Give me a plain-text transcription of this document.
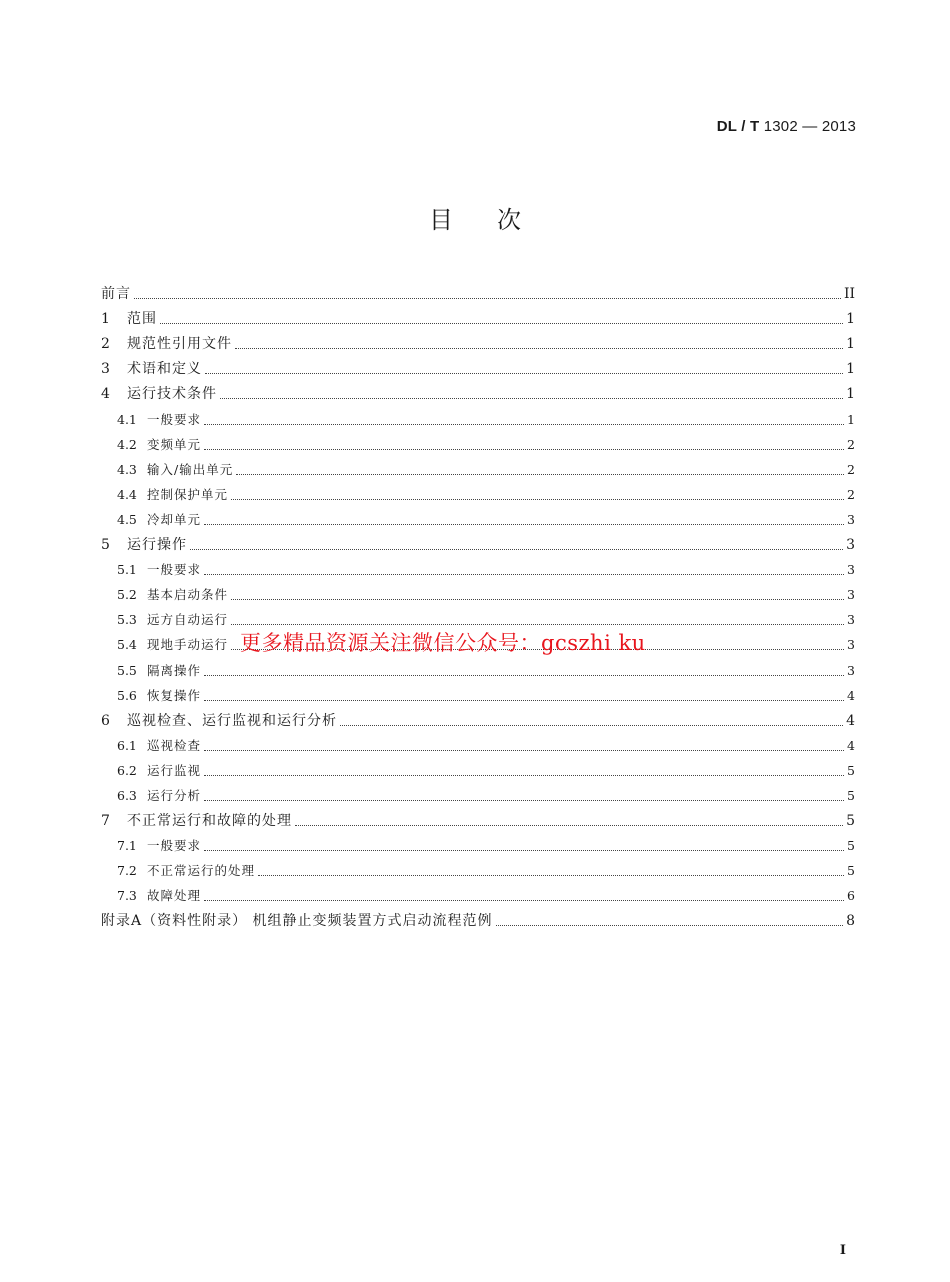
DL / T 1302 — 2013
目次
前言	II
1	范围	1
2	规范性引用文件	1
3	术语和定义	1
4	运行技术条件	1
4.1 一般要求	1
4.2 变频单元	2
4.3 输入/输出单元	2
4.4 控制保护单元	2
4.5 冷却单元	3
5	运行操作	3
5.1 一般要求	3
5.2 基本启动条件	3
5.3 远方自动运行	3
5.4 现地手动运行	3
5.5 隔离操作	3
5.6 恢复操作	4
6	巡视检查、运行监视和运行分析	4
6.1 巡视检查	4
6.2 运行监视	5
6.3 运行分析	5
7	不正常运行和故障的处理	5
7.1 一般要求	5
7.2 不正常运行的处理	5
7.3 故障处理	6
附录A（资料性附录） 机组静止变频装置方式启动流程范例	8
更多精品资源关注微信公众号：gcszhi ku
I
